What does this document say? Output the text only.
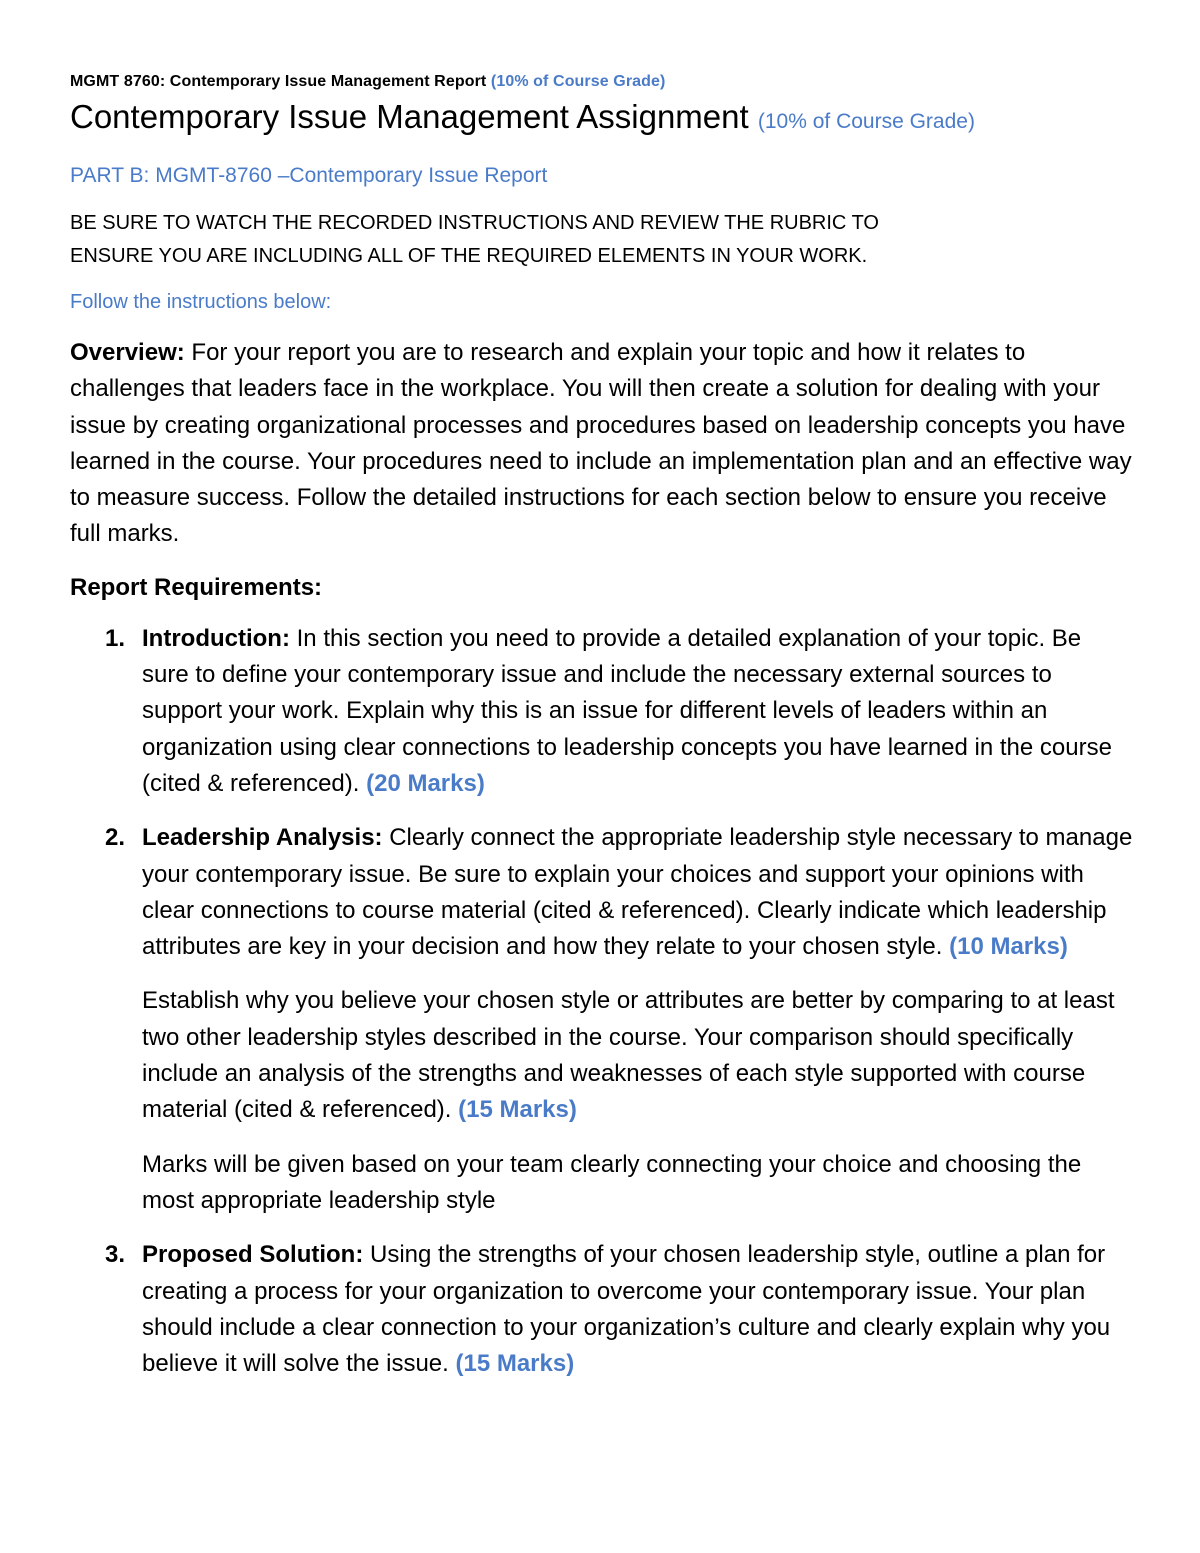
MGMT 8760: Contemporary Issue Management Report (10% of Course Grade)
Contemporary Issue Management Assignment (10% of Course Grade)
PART B: MGMT-8760 –Contemporary Issue Report
BE SURE TO WATCH THE RECORDED INSTRUCTIONS AND REVIEW THE RUBRIC TO
ENSURE YOU ARE INCLUDING ALL OF THE REQUIRED ELEMENTS IN YOUR WORK.
Follow the instructions below:
Overview: For your report you are to research and explain your topic and how it relates to challenges that leaders face in the workplace. You will then create a solution for dealing with your issue by creating organizational processes and procedures based on leadership concepts you have learned in the course. Your procedures need to include an implementation plan and an effective way to measure success. Follow the detailed instructions for each section below to ensure you receive full marks.
Report Requirements:
1. Introduction: In this section you need to provide a detailed explanation of your topic. Be sure to define your contemporary issue and include the necessary external sources to support your work. Explain why this is an issue for different levels of leaders within an organization using clear connections to leadership concepts you have learned in the course (cited & referenced). (20 Marks)
2. Leadership Analysis: Clearly connect the appropriate leadership style necessary to manage your contemporary issue. Be sure to explain your choices and support your opinions with clear connections to course material (cited & referenced). Clearly indicate which leadership attributes are key in your decision and how they relate to your chosen style. (10 Marks)
Establish why you believe your chosen style or attributes are better by comparing to at least two other leadership styles described in the course. Your comparison should specifically include an analysis of the strengths and weaknesses of each style supported with course material (cited & referenced). (15 Marks)
Marks will be given based on your team clearly connecting your choice and choosing the most appropriate leadership style
3. Proposed Solution: Using the strengths of your chosen leadership style, outline a plan for creating a process for your organization to overcome your contemporary issue. Your plan should include a clear connection to your organization’s culture and clearly explain why you believe it will solve the issue. (15 Marks)
